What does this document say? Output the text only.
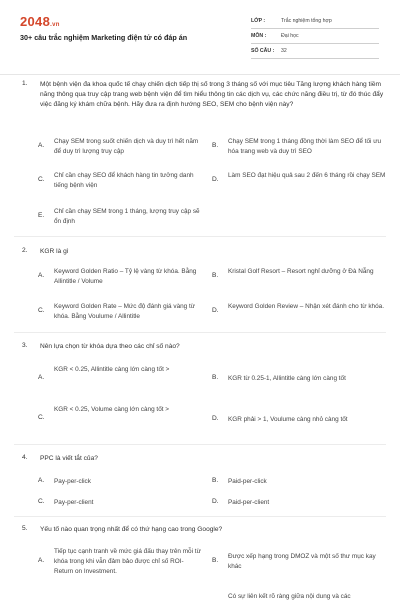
2048.vn
30+ câu trắc nghiệm Marketing điện tử có đáp án
LỚP :	Trắc nghiệm tổng hợp
MÔN :	Đại học
SỐ CÂU :	32
1. Một bệnh viện đa khoa quốc tế chạy chiến dịch tiếp thị số trong 3 tháng số với mục tiêu Tăng lượng khách hàng tiềm năng thông qua truy cập trang web bệnh viện để tìm hiểu thông tin các dịch vụ, các chức năng điều trị, từ đó thúc đẩy việc đăng ký khám chữa bệnh. Hãy đưa ra định hướng SEO, SEM cho bệnh viện này?
A.
Chạy SEM trong suốt chiến dịch và duy trì hết năm để duy trì lượng truy cập
B.
Chạy SEM trong 1 tháng đồng thời làm SEO để tối ưu hóa trang web và duy trì SEO
C.
Chỉ cần chạy SEO để khách hàng tin tưởng danh tiếng bệnh viện
D.
Làm SEO đạt hiệu quả sau 2 đến 6 tháng rồi chạy SEM
E.
Chỉ cần chạy SEM trong 1 tháng, lượng truy cập sẽ ổn định
2. KGR là gì
A.
Keyword Golden Ratio – Tỷ lệ vàng từ khóa. Bằng Allintitle / Volume
B.
Kristal Golf Resort – Resort nghỉ dưỡng ở Đà Nẵng
C.
Keyword Golden Rate – Mức độ đánh giá vàng từ khóa. Bằng Voulume / Allintitle
D.
Keyword Golden Review – Nhận xét đánh cho từ khóa.
3. Nên lựa chọn từ khóa dựa theo các chỉ số nào?
A.
KGR < 0.25, Allintitle càng lớn càng tốt >
B. KGR từ 0.25-1, Allintitle càng lớn càng tốt
C.
KGR < 0.25, Volume càng lớn càng tốt >
D. KGR phải > 1, Voulume càng nhỏ càng tốt
4. PPC là viết tắt của?
A. Pay-per-click	B. Paid-per-click
C. Pay-per-client	D. Paid-per-client
5. Yếu tố nào quan trọng nhất để có thứ hạng cao trong Google?
A.
Tiếp tục cạnh tranh về mức giá đấu thay trên mỗi từ khóa trong khi vẫn đảm bảo được chỉ số ROI- Return on Investment.
B.
Được xếp hạng trong DMOZ và một số thư mục kay khác
Có sự liên kết rõ ràng giữa nội dung và các
